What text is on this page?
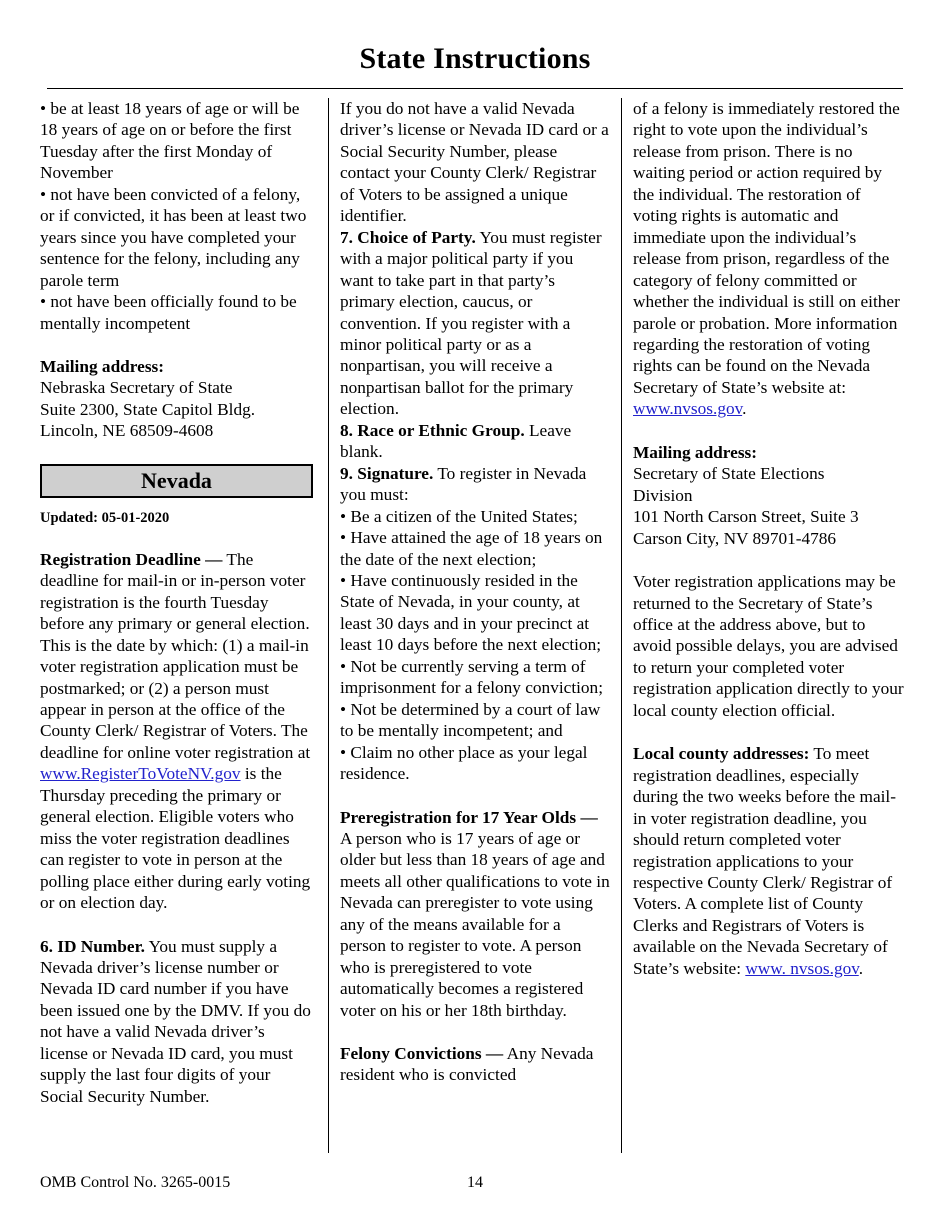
State Instructions

• be at least 18 years of age or will be 18 years of age on or before the first Tuesday after the first Monday of November

• not have been convicted of a felony, or if convicted, it has been at least two years since you have completed your sentence for the felony, including any parole term

• not have been officially found to be mentally incompetent

Mailing address:

Nebraska Secretary of State

Suite 2300, State Capitol Bldg.

Lincoln, NE 68509-4608

Nevada

Updated: 05-01-2020

Registration Deadline — The deadline for mail-in or in-person voter registration is the fourth Tuesday before any primary or general election. This is the date by which: (1) a mail-in voter registration application must be postmarked; or (2) a person must appear in person at the office of the County Clerk/ Registrar of Voters. The deadline for online voter registration at www.RegisterToVoteNV.gov is the Thursday preceding the primary or general election. Eligible voters who miss the voter registration deadlines can register to vote in person at the polling place either during early voting or on election day.

6. ID Number. You must supply a Nevada driver’s license number or Nevada ID card number if you have been issued one by the DMV. If you do not have a valid Nevada driver’s license or Nevada ID card, you must supply the last four digits of your Social Security Number.

If you do not have a valid Nevada driver’s license or Nevada ID card or a Social Security Number, please contact your County Clerk/ Registrar of Voters to be assigned a unique identifier.

7. Choice of Party. You must register with a major political party if you want to take part in that party’s primary election, caucus, or convention. If you register with a minor political party or as a nonpartisan, you will receive a nonpartisan ballot for the primary election.

8. Race or Ethnic Group. Leave blank.

9. Signature. To register in Nevada you must:

• Be a citizen of the United States;

• Have attained the age of 18 years on the date of the next election;

• Have continuously resided in the State of Nevada, in your county, at least 30 days and in your precinct at least 10 days before the next election;

• Not be currently serving a term of imprisonment for a felony conviction;

• Not be determined by a court of law to be mentally incompetent; and

• Claim no other place as your legal residence.

Preregistration for 17 Year Olds — A person who is 17 years of age or older but less than 18 years of age and meets all other qualifications to vote in Nevada can preregister to vote using any of the means available for a person to register to vote. A person who is preregistered to vote automatically becomes a registered voter on his or her 18th birthday.

Felony Convictions — Any Nevada resident who is convicted

of a felony is immediately restored the right to vote upon the individual’s release from prison. There is no waiting period or action required by the individual. The restoration of voting rights is automatic and immediate upon the individual’s release from prison, regardless of the category of felony committed or whether the individual is still on either parole or probation. More information regarding the restoration of voting rights can be found on the Nevada Secretary of State’s website at: www.nvsos.gov.

Mailing address:

Secretary of State Elections

Division

101 North Carson Street, Suite 3

Carson City, NV 89701-4786

Voter registration applications may be returned to the Secretary of State’s office at the address above, but to avoid possible delays, you are advised to return your completed voter registration application directly to your local county election official.

Local county addresses: To meet registration deadlines, especially during the two weeks before the mail-in voter registration deadline, you should return completed voter registration applications to your respective County Clerk/ Registrar of Voters. A complete list of County Clerks and Registrars of Voters is available on the Nevada Secretary of State’s website: www. nvsos.gov.

OMB Control No. 3265-0015	14
